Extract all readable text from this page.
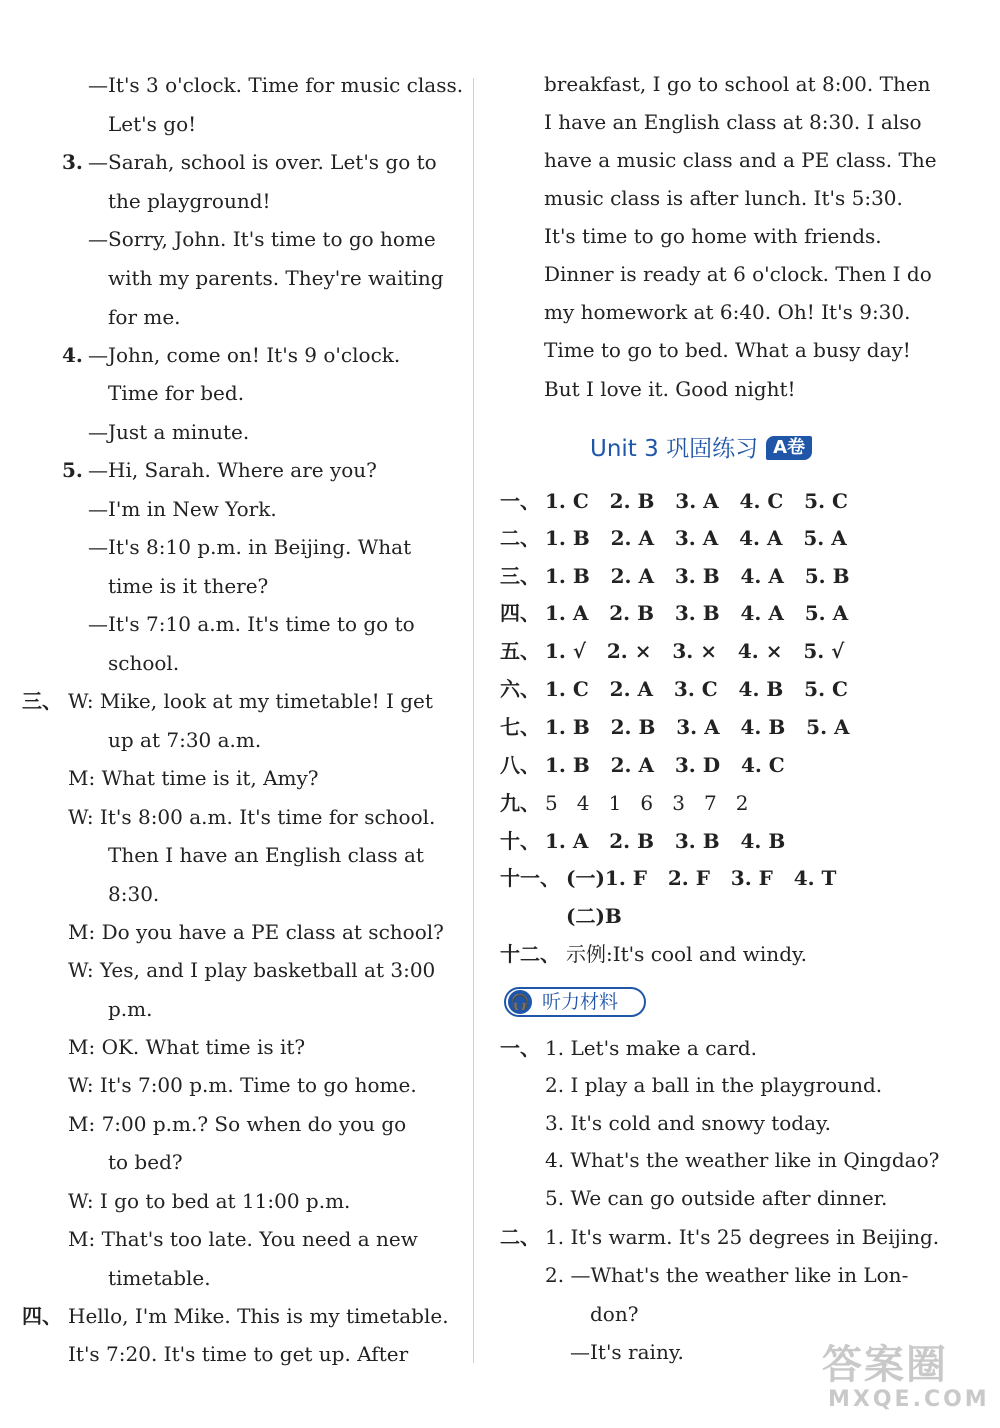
—It's 3 o'clock. Time for music class.
Let's go!
3. —Sarah, school is over. Let's go to
the playground!
—Sorry, John. It's time to go home
with my parents. They're waiting
for me.
4. —John, come on! It's 9 o'clock.
Time for bed.
—Just a minute.
5. —Hi, Sarah. Where are you?
—I'm in New York.
—It's 8:10 p.m. in Beijing. What
time is it there?
—It's 7:10 a.m. It's time to go to
school.
三、 W: Mike, look at my timetable! I get
up at 7:30 a.m.
M: What time is it, Amy?
W: It's 8:00 a.m. It's time for school.
Then I have an English class at
8:30.
M: Do you have a PE class at school?
W: Yes, and I play basketball at 3:00
p.m.
M: OK. What time is it?
W: It's 7:00 p.m. Time to go home.
M: 7:00 p.m.? So when do you go
to bed?
W: I go to bed at 11:00 p.m.
M: That's too late. You need a new
timetable.
四、 Hello, I'm Mike. This is my timetable.
It's 7:20. It's time to get up. After
breakfast, I go to school at 8:00. Then
I have an English class at 8:30. I also
have a music class and a PE class. The
music class is after lunch. It's 5:30.
It's time to go home with friends.
Dinner is ready at 6 o'clock. Then I do
my homework at 6:40. Oh! It's 9:30.
Time to go to bed. What a busy day!
But I love it. Good night!
Unit 3 巩固练习 A卷
一、 1. C   2. B   3. A   4. C   5. C
二、 1. B   2. A   3. A   4. A   5. A
三、 1. B   2. A   3. B   4. A   5. B
四、 1. A   2. B   3. B   4. A   5. A
五、 1. √   2. ×   3. ×   4. ×   5. √
六、 1. C   2. A   3. C   4. B   5. C
七、 1. B   2. B   3. A   4. B   5. A
八、 1. B   2. A   3. D   4. C
九、 5   4   1   6   3   7   2
十、 1. A   2. B   3. B   4. B
十一、 (一)1. F   2. F   3. F   4. T
(二)B
十二、 示例:It's cool and windy.
🎧 听力材料
一、 1. Let's make a card.
2. I play a ball in the playground.
3. It's cold and snowy today.
4. What's the weather like in Qingdao?
5. We can go outside after dinner.
二、 1. It's warm. It's 25 degrees in Beijing.
2. —What's the weather like in Lon-
don?
—It's rainy.	答案圈
MXQE.COM
